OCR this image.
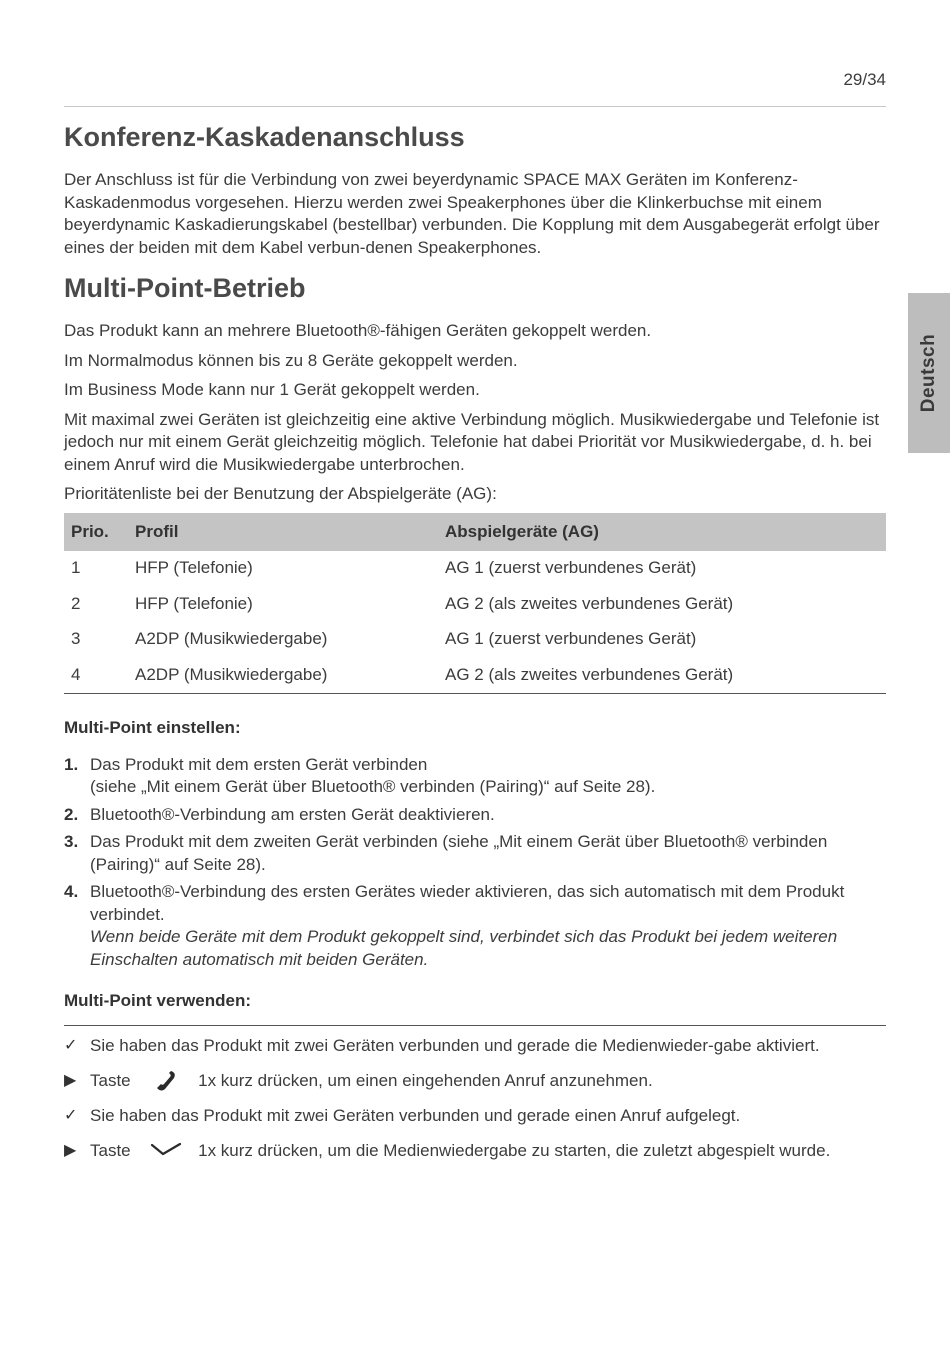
29/34
Deutsch
Konferenz-Kaskadenanschluss

Der Anschluss ist für die Verbindung von zwei beyerdynamic SPACE MAX Geräten im Konferenz-Kaskadenmodus vorgesehen. Hierzu werden zwei Speakerphones über die Klinkerbuchse mit einem beyerdynamic Kaskadierungskabel (bestellbar) verbunden. Die Kopplung mit dem Ausgabegerät erfolgt über eines der beiden mit dem Kabel verbun-denen Speakerphones.

Multi-Point-Betrieb

Das Produkt kann an mehrere Bluetooth®-fähigen Geräten gekoppelt werden.

Im Normalmodus können bis zu 8 Geräte gekoppelt werden.

Im Business Mode kann nur 1 Gerät gekoppelt werden.

Mit maximal zwei Geräten ist gleichzeitig eine aktive Verbindung möglich. Musikwiedergabe und Telefonie ist jedoch nur mit einem Gerät gleichzeitig möglich. Telefonie hat dabei Priorität vor Musikwiedergabe, d. h. bei einem Anruf wird die Musikwiedergabe unterbrochen.

Prioritätenliste bei der Benutzung der Abspielgeräte (AG):

Prio.	Profil	Abspielgeräte (AG)
1	HFP (Telefonie)	AG 1 (zuerst verbundenes Gerät)
2	HFP (Telefonie)	AG 2 (als zweites verbundenes Gerät)
3	A2DP (Musikwiedergabe)	AG 1 (zuerst verbundenes Gerät)
4	A2DP (Musikwiedergabe)	AG 2 (als zweites verbundenes Gerät)
Multi-Point einstellen:
1. Das Produkt mit dem ersten Gerät verbinden
(siehe „Mit einem Gerät über Bluetooth® verbinden (Pairing)“ auf Seite 28).
2. Bluetooth®-Verbindung am ersten Gerät deaktivieren.
3. Das Produkt mit dem zweiten Gerät verbinden (siehe „Mit einem Gerät über Bluetooth® verbinden (Pairing)“ auf Seite 28).
4. Bluetooth®-Verbindung des ersten Gerätes wieder aktivieren, das sich automatisch mit dem Produkt verbindet.
Wenn beide Geräte mit dem Produkt gekoppelt sind, verbindet sich das Produkt bei jedem weiteren Einschalten automatisch mit beiden Geräten.
Multi-Point verwenden:
✓ Sie haben das Produkt mit zwei Geräten verbunden und gerade die Medienwieder-gabe aktiviert.
▶ Taste	1x kurz drücken, um einen eingehenden Anruf anzunehmen.
✓ Sie haben das Produkt mit zwei Geräten verbunden und gerade einen Anruf aufgelegt.
▶ Taste	1x kurz drücken, um die Medienwiedergabe zu starten, die zuletzt abgespielt wurde.
